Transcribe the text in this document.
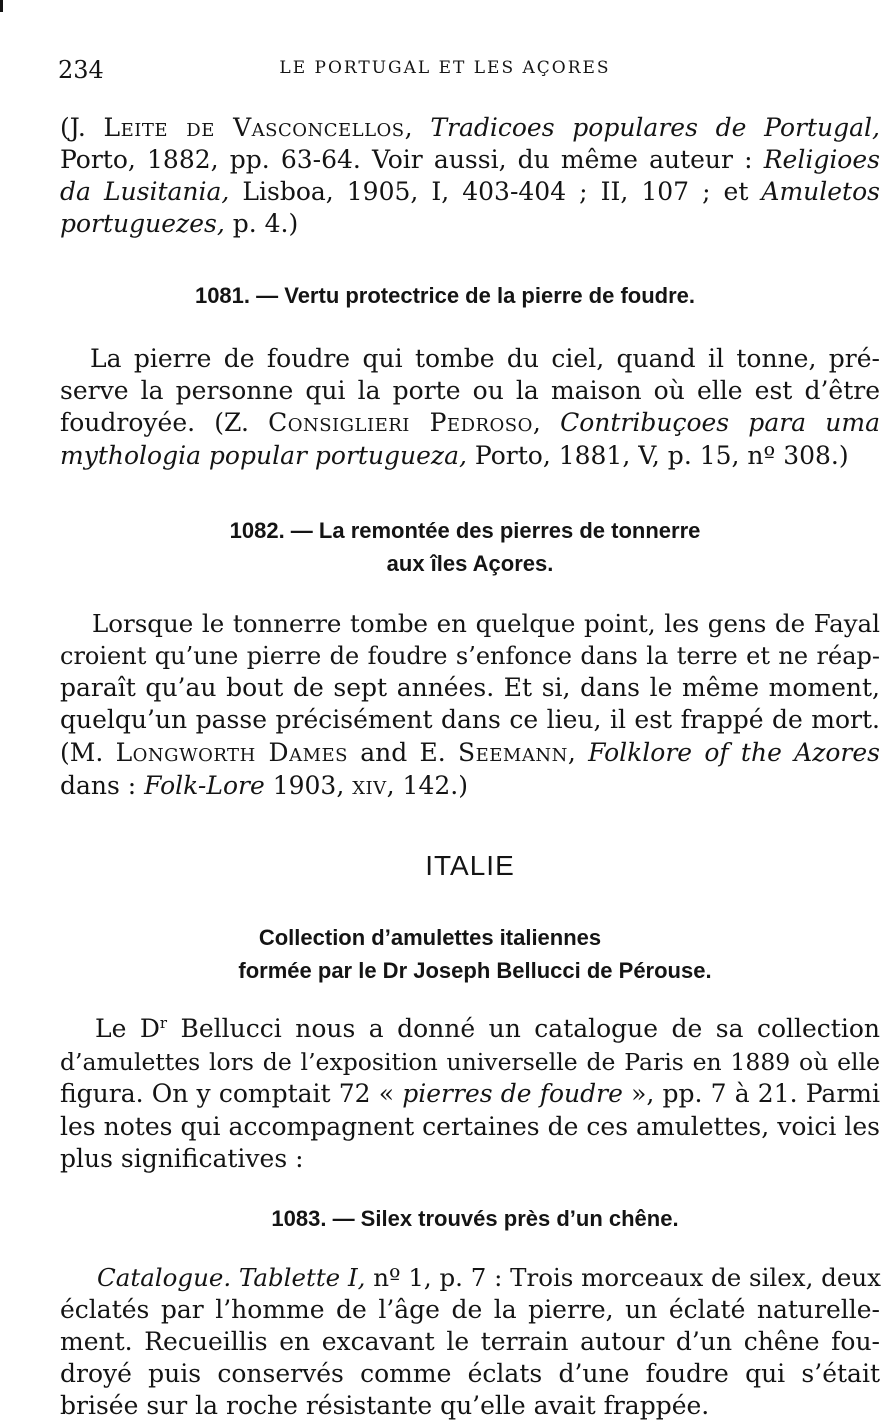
234	LE PORTUGAL ET LES AÇORES
(J. Leite de Vasconcellos, Tradicoes populares de Portugal,
Porto, 1882, pp. 63-64. Voir aussi, du même auteur : Religioes
da Lusitania, Lisboa, 1905, I, 403-404 ; II, 107 ; et Amuletos
portuguezes, p. 4.)
1081. — Vertu protectrice de la pierre de foudre.
La pierre de foudre qui tombe du ciel, quand il tonne, pré-
serve la personne qui la porte ou la maison où elle est d’être
foudroyée. (Z. Consiglieri Pedroso, Contribuçoes para uma
mythologia popular portugueza, Porto, 1881, V, p. 15, nº 308.)
1082. — La remontée des pierres de tonnerre
aux îles Açores.
Lorsque le tonnerre tombe en quelque point, les gens de Fayal
croient qu’une pierre de foudre s’enfonce dans la terre et ne réap-
paraît qu’au bout de sept années. Et si, dans le même moment,
quelqu’un passe précisément dans ce lieu, il est frappé de mort.
(M. Longworth Dames and E. Seemann, Folklore of the Azores
dans : Folk-Lore 1903, xiv, 142.)
ITALIE
Collection d’amulettes italiennes
formée par le Dr Joseph Bellucci de Pérouse.
Le $D^r$ Bellucci nous a donné un catalogue de sa collection
d’amulettes lors de l’exposition universelle de Paris en 1889 où elle
figura. On y comptait 72 « pierres de foudre », pp. 7 à 21. Parmi
les notes qui accompagnent certaines de ces amulettes, voici les
plus significatives :
1083. — Silex trouvés près d’un chêne.
Catalogue. Tablette I, nº 1, p. 7 : Trois morceaux de silex, deux
éclatés par l’homme de l’âge de la pierre, un éclaté naturelle-
ment. Recueillis en excavant le terrain autour d’un chêne fou-
droyé puis conservés comme éclats d’une foudre qui s’était
brisée sur la roche résistante qu’elle avait frappée.
